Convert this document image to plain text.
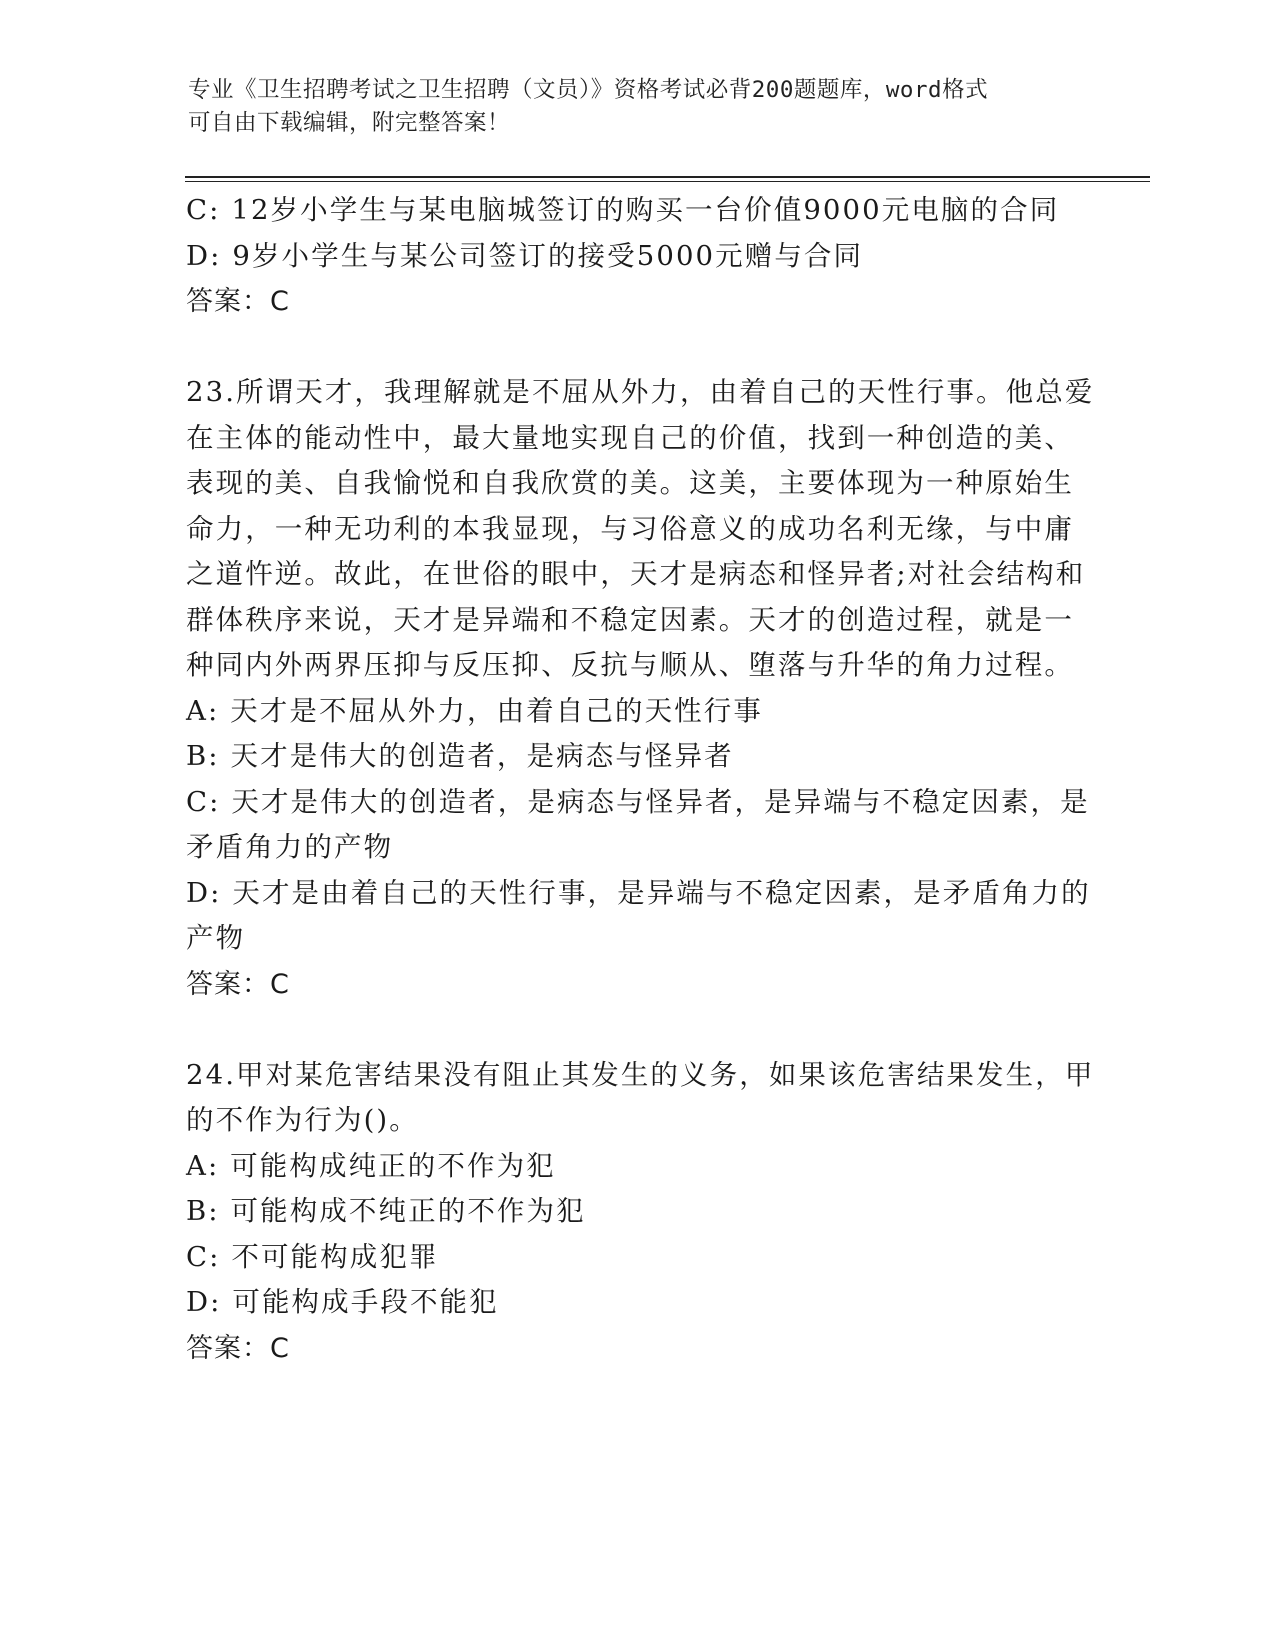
专业《卫生招聘考试之卫生招聘（文员）》资格考试必背200题题库，word格式
可自由下载编辑，附完整答案！
C: 12岁小学生与某电脑城签订的购买一台价值9000元电脑的合同
D: 9岁小学生与某公司签订的接受5000元赠与合同
答案：C
23.所谓天才，我理解就是不屈从外力，由着自己的天性行事。他总爱
在主体的能动性中，最大量地实现自己的价值，找到一种创造的美、
表现的美、自我愉悦和自我欣赏的美。这美，主要体现为一种原始生
命力，一种无功利的本我显现，与习俗意义的成功名利无缘，与中庸
之道忤逆。故此，在世俗的眼中，天才是病态和怪异者;对社会结构和
群体秩序来说，天才是异端和不稳定因素。天才的创造过程，就是一
种同内外两界压抑与反压抑、反抗与顺从、堕落与升华的角力过程。
A: 天才是不屈从外力，由着自己的天性行事
B: 天才是伟大的创造者，是病态与怪异者
C: 天才是伟大的创造者，是病态与怪异者，是异端与不稳定因素，是
矛盾角力的产物
D: 天才是由着自己的天性行事，是异端与不稳定因素，是矛盾角力的
产物
答案：C
24.甲对某危害结果没有阻止其发生的义务，如果该危害结果发生，甲
的不作为行为()。
A: 可能构成纯正的不作为犯
B: 可能构成不纯正的不作为犯
C: 不可能构成犯罪
D: 可能构成手段不能犯
答案：C
